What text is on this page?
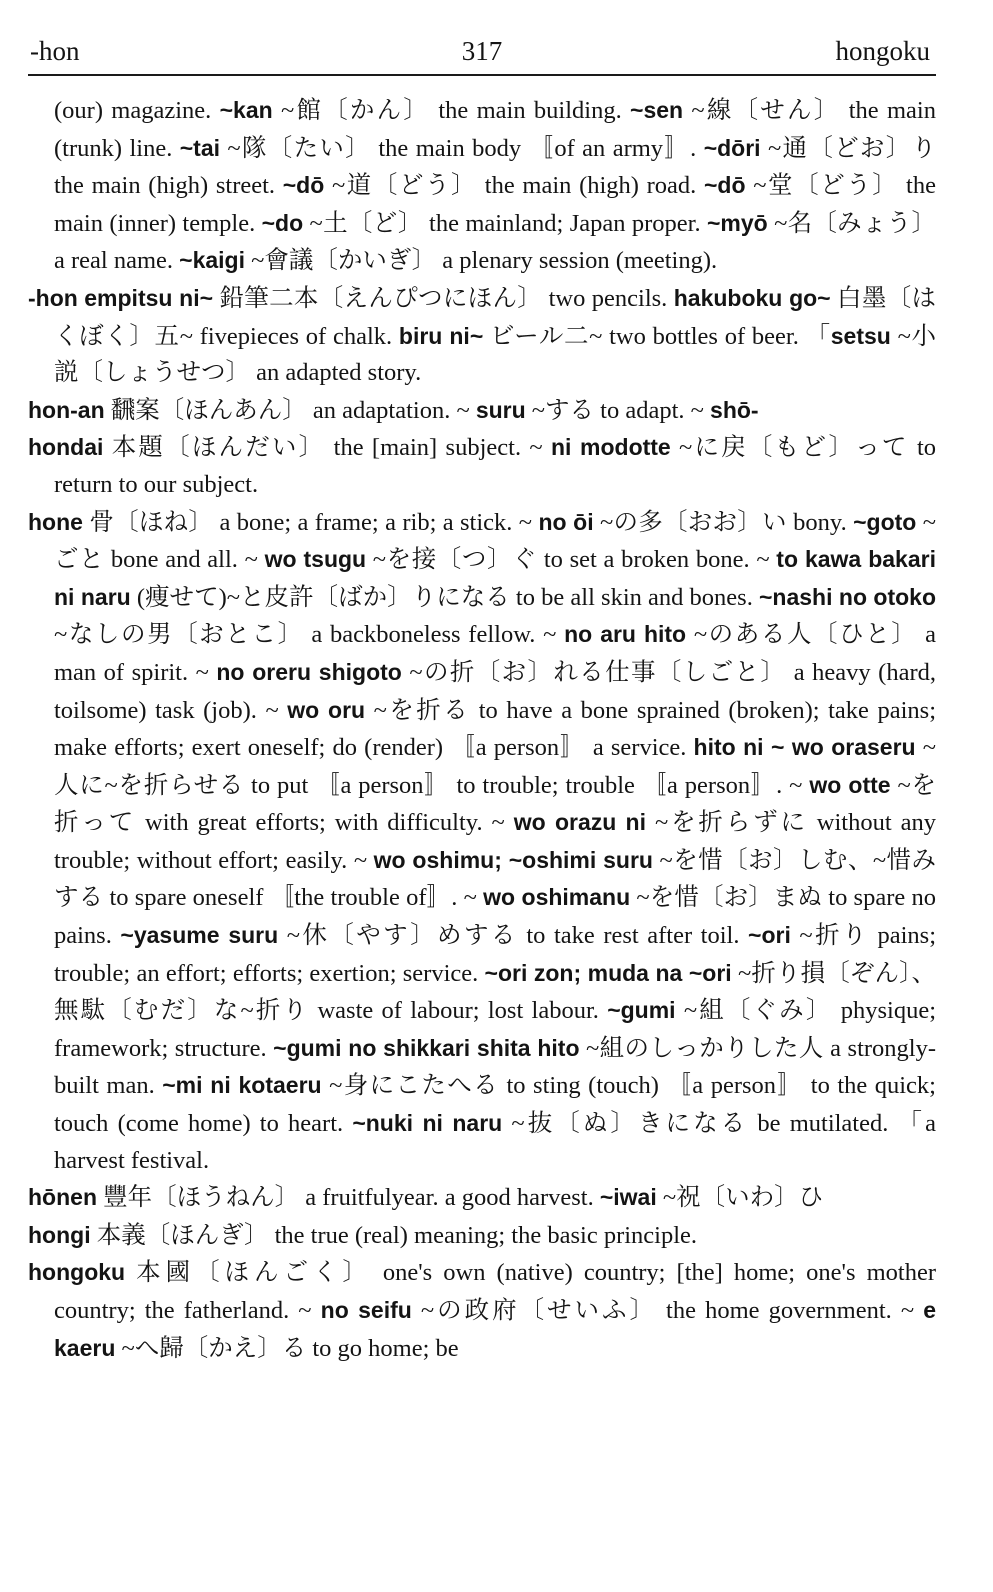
-hon	317	hongoku

(our) magazine. ~kan ~館〔かん〕 the main building. ~sen ~線〔せん〕 the main (trunk) line. ~tai ~隊〔たい〕 the main body 〚of an army〛. ~dōri ~通〔どお〕り the main (high) street. ~dō ~道〔どう〕 the main (high) road. ~dō ~堂〔どう〕 the main (inner) temple. ~do ~土〔ど〕 the mainland; Japan proper. ~myō ~名〔みょう〕 a real name. ~kaigi ~會議〔かいぎ〕 a plenary session (meeting).

-hon empitsu ni~ 鉛筆二本〔えんぴつにほん〕 two pencils. hakuboku go~ 白墨〔はくぼく〕五~ fivepieces of chalk. biru ni~ ビール二~ two bottles of beer. 「setsu ~小説〔しょうせつ〕 an adapted story.

hon-an 飜案〔ほんあん〕 an adaptation. ~ suru ~する to adapt. ~ shō-

hondai 本題〔ほんだい〕 the [main] subject. ~ ni modotte ~に戻〔もど〕って to return to our subject.

hone 骨〔ほね〕 a bone; a frame; a rib; a stick. ~ no ōi ~の多〔おお〕い bony. ~goto ~ごと bone and all. ~ wo tsugu ~を接〔つ〕ぐ to set a broken bone. ~ to kawa bakari ni naru (痩せて)~と皮許〔ばか〕りになる to be all skin and bones. ~nashi no otoko ~なしの男〔おとこ〕 a backboneless fellow. ~ no aru hito ~のある人〔ひと〕 a man of spirit. ~ no oreru shigoto ~の折〔お〕れる仕事〔しごと〕 a heavy (hard, toilsome) task (job). ~ wo oru ~を折る to have a bone sprained (broken); take pains; make efforts; exert oneself; do (render) 〚a person〛 a service. hito ni ~ wo oraseru ~人に~を折らせる to put 〚a person〛 to trouble; trouble 〚a person〛. ~ wo otte ~を折って with great efforts; with difficulty. ~ wo orazu ni ~を折らずに without any trouble; without effort; easily. ~ wo oshimu; ~oshimi suru ~を惜〔お〕しむ、~惜みする to spare oneself 〚the trouble of〛. ~ wo oshimanu ~を惜〔お〕まぬ to spare no pains. ~yasume suru ~休〔やす〕めする to take rest after toil. ~ori ~折り pains; trouble; an effort; efforts; exertion; service. ~ori zon; muda na ~ori ~折り損〔ぞん〕、無駄〔むだ〕な~折り waste of labour; lost labour. ~gumi ~組〔ぐみ〕 physique; framework; structure. ~gumi no shikkari shita hito ~組のしっかりした人 a strongly-built man. ~mi ni kotaeru ~身にこたへる to sting (touch) 〚a person〛 to the quick; touch (come home) to heart. ~nuki ni naru ~抜〔ぬ〕きになる be mutilated. 「a harvest festival.

hōnen 豐年〔ほうねん〕 a fruitfulyear. a good harvest. ~iwai ~祝〔いわ〕ひ

hongi 本義〔ほんぎ〕 the true (real) meaning; the basic principle.

hongoku 本國〔ほんごく〕 one's own (native) country; [the] home; one's mother country; the fatherland. ~ no seifu ~の政府〔せいふ〕 the home government. ~ e kaeru ~へ歸〔かえ〕る to go home; be
